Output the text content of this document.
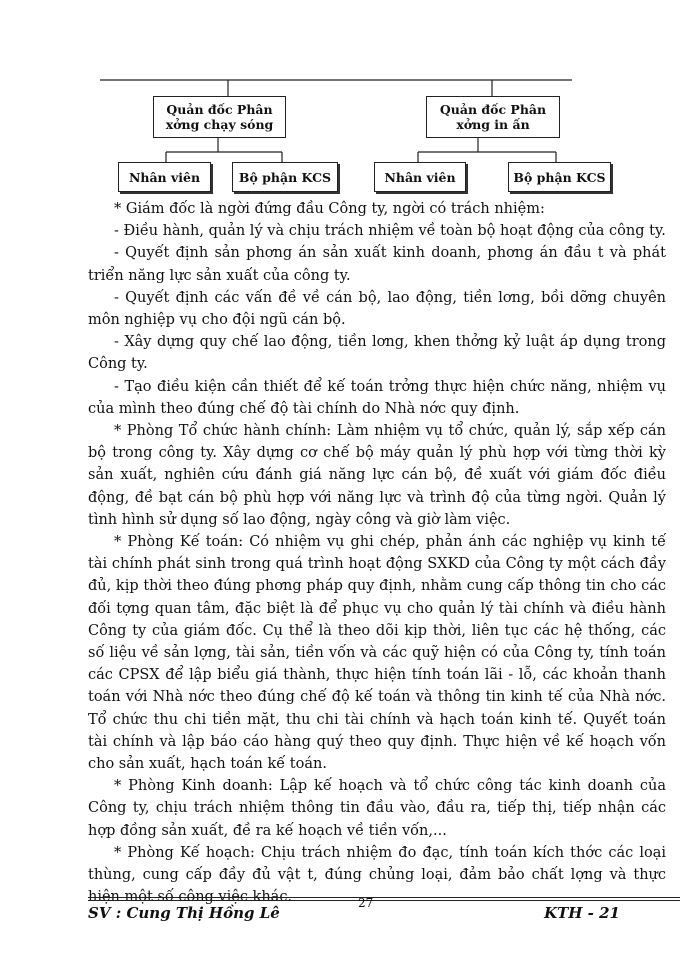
Quản đốc Phân
xởng chạy sóng
Quản đốc Phân
xởng in ấn
Nhân viên	Bộ phận KCS	Nhân viên	Bộ phận KCS

* Giám đốc là ngời đứng đầu Công ty, ngời có trách nhiệm:

- Điều hành, quản lý và chịu trách nhiệm về toàn bộ hoạt động của công ty.

- Quyết định sản phơng án sản xuất kinh doanh, phơng án đầu t và phát triển năng lực sản xuất của công ty.

- Quyết định các vấn đề về cán bộ, lao động, tiền lơng, bồi dỡng chuyên môn nghiệp vụ cho đội ngũ cán bộ.

- Xây dựng quy chế lao động, tiền lơng, khen thởng kỷ luật áp dụng trong Công ty.

- Tạo điều kiện cần thiết để kế toán trởng thực hiện chức năng, nhiệm vụ của mình theo đúng chế độ tài chính do Nhà nớc quy định.

* Phòng Tổ chức hành chính: Làm nhiệm vụ tổ chức, quản lý, sắp xếp cán bộ trong công ty. Xây dựng cơ chế bộ máy quản lý phù hợp với từng thời kỳ sản xuất, nghiên cứu đánh giá năng lực cán bộ, đề xuất với giám đốc điều động, đề bạt cán bộ phù hợp với năng lực và trình độ của từng ngời. Quản lý tình hình sử dụng số lao động, ngày công và giờ làm việc.

* Phòng Kế toán: Có nhiệm vụ ghi chép, phản ánh các nghiệp vụ kinh tế tài chính phát sinh trong quá trình hoạt động SXKD của Công ty một cách đầy đủ, kịp thời theo đúng phơng pháp quy định, nhằm cung cấp thông tin cho các đối tợng quan tâm, đặc biệt là để phục vụ cho quản lý tài chính và điều hành Công ty của giám đốc. Cụ thể là theo dõi kịp thời, liên tục các hệ thống, các số liệu về sản lợng, tài sản, tiền vốn và các quỹ hiện có của Công ty, tính toán các CPSX để lập biểu giá thành, thực hiện tính toán lãi - lỗ, các khoản thanh toán với Nhà nớc theo đúng chế độ kế toán và thông tin kinh tế của Nhà nớc. Tổ chức thu chi tiền mặt, thu chi tài chính và hạch toán kinh tế. Quyết toán tài chính và lập báo cáo hàng quý theo quy định. Thực hiện về kế hoạch vốn cho sản xuất, hạch toán kế toán.

* Phòng Kinh doanh: Lập kế hoạch và tổ chức công tác kinh doanh của Công ty, chịu trách nhiệm thông tin đầu vào, đầu ra, tiếp thị, tiếp nhận các hợp đồng sản xuất, đề ra kế hoạch về tiền vốn,...

* Phòng Kế hoạch: Chịu trách nhiệm đo đạc, tính toán kích thớc các loại thùng, cung cấp đầy đủ vật t, đúng chủng loại, đảm bảo chất lợng và thực

SV : Cung Thị Hồng Lê
27
KTH - 21
